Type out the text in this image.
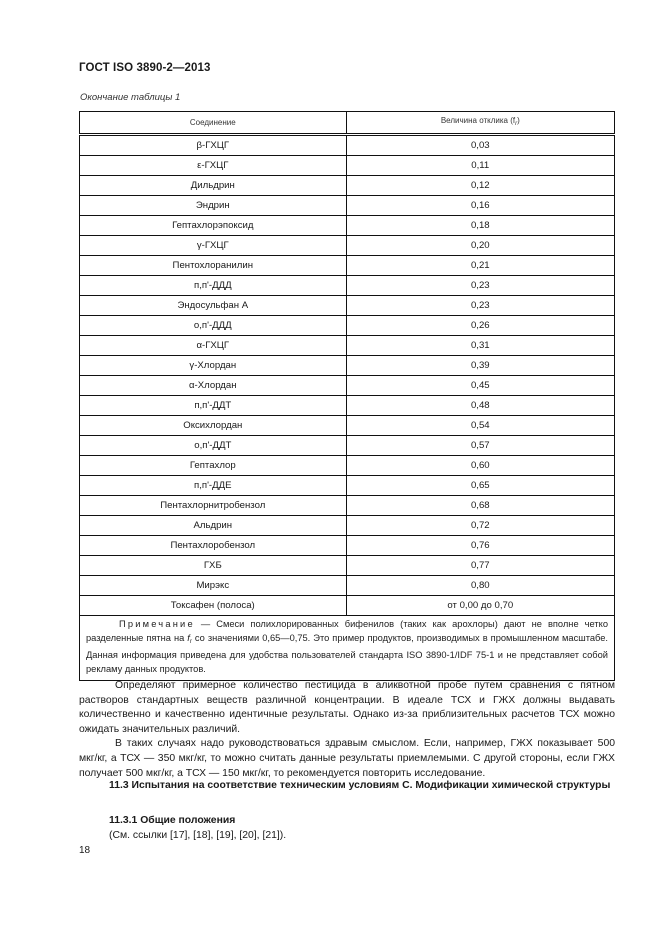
ГОСТ ISO 3890-2—2013
Окончание таблицы 1
Соединение	Величина отклика $(f_r)$
β-ГХЦГ	0,03
ε-ГХЦГ	0,11
Дильдрин	0,12
Эндрин	0,16
Гептахлорэпоксид	0,18
γ-ГХЦГ	0,20
Пентохлоранилин	0,21
п,п'-ДДД	0,23
Эндосульфан А	0,23
о,п'-ДДД	0,26
α-ГХЦГ	0,31
γ-Хлордан	0,39
α-Хлордан	0,45
п,п'-ДДТ	0,48
Оксихлордан	0,54
о,п'-ДДТ	0,57
Гептахлор	0,60
п,п'-ДДЕ	0,65
Пентахлорнитробензол	0,68
Альдрин	0,72
Пентахлоробензол	0,76
ГХБ	0,77
Мирэкс	0,80
Токсафен (полоса)	от 0,00 до 0,70
Примечание — Смеси полихлорированных бифенилов (таких как арохлоры) дают не вполне четко разделенные пятна на $f_r$ со значениями 0,65—0,75. Это пример продуктов, производимых в промышленном масштабе. Данная информация приведена для удобства пользователей стандарта ISO 3890-1/IDF 75-1 и не представляет собой рекламу данных продуктов.	

Определяют примерное количество пестицида в аликвотной пробе путем сравнения с пятном растворов стандартных веществ различной концентрации. В идеале ТСХ и ГЖХ должны выдавать количественно и качественно идентичные результаты. Однако из-за приблизительных расчетов ТСХ можно ожидать значительных различий.

В таких случаях надо руководствоваться здравым смыслом. Если, например, ГЖХ показывает 500 мкг/кг, а ТСХ — 350 мкг/кг, то можно считать данные результаты приемлемыми. С другой стороны, если ГЖХ получает 500 мкг/кг, а ТСХ — 150 мкг/кг, то рекомендуется повторить исследование.

11.3 Испытания на соответствие техническим условиям С. Модификации химической структуры
11.3.1 Общие положения
(См. ссылки [17], [18], [19], [20], [21]).
18
